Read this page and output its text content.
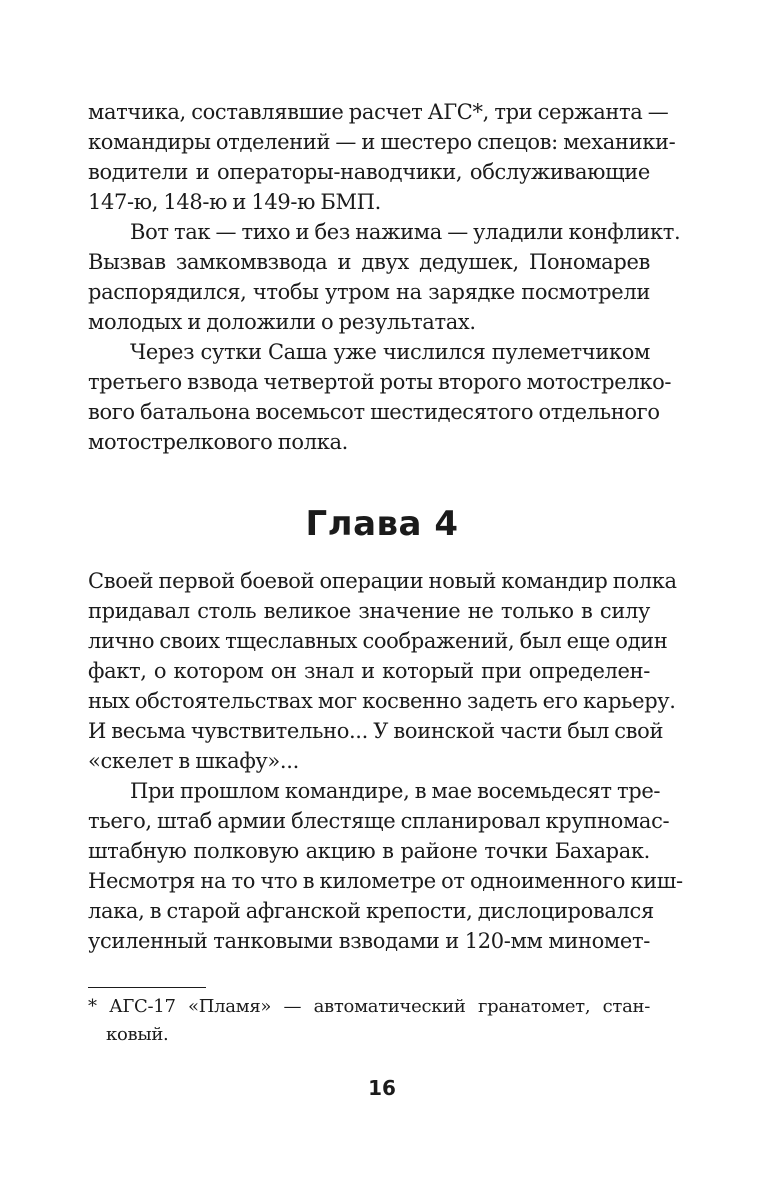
матчика, составлявшие расчет АГС*, три сержанта —
командиры отделений — и шестеро спецов: механики-
водители и операторы-наводчики, обслуживающие
147-ю, 148-ю и 149-ю БМП.
Вот так — тихо и без нажима — уладили конфликт.
Вызвав замкомвзвода и двух дедушек, Пономарев
распорядился, чтобы утром на зарядке посмотрели
молодых и доложили о результатах.
Через сутки Саша уже числился пулеметчиком
третьего взвода четвертой роты второго мотострелко-
вого батальона восемьсот шестидесятого отдельного
мотострелкового полка.
Глава 4
Своей первой боевой операции новый командир полка
придавал столь великое значение не только в силу
лично своих тщеславных соображений, был еще один
факт, о котором он знал и который при определен-
ных обстоятельствах мог косвенно задеть его карьеру.
И весьма чувствительно... У воинской части был свой
«скелет в шкафу»...
При прошлом командире, в мае восемьдесят тре-
тьего, штаб армии блестяще спланировал крупномас-
штабную полковую акцию в районе точки Бахарак.
Несмотря на то что в километре от одноименного киш-
лака, в старой афганской крепости, дислоцировался
усиленный танковыми взводами и 120-мм миномет-
* АГС-17 «Пламя» — автоматический гранатомет, стан-
ковый.
16
